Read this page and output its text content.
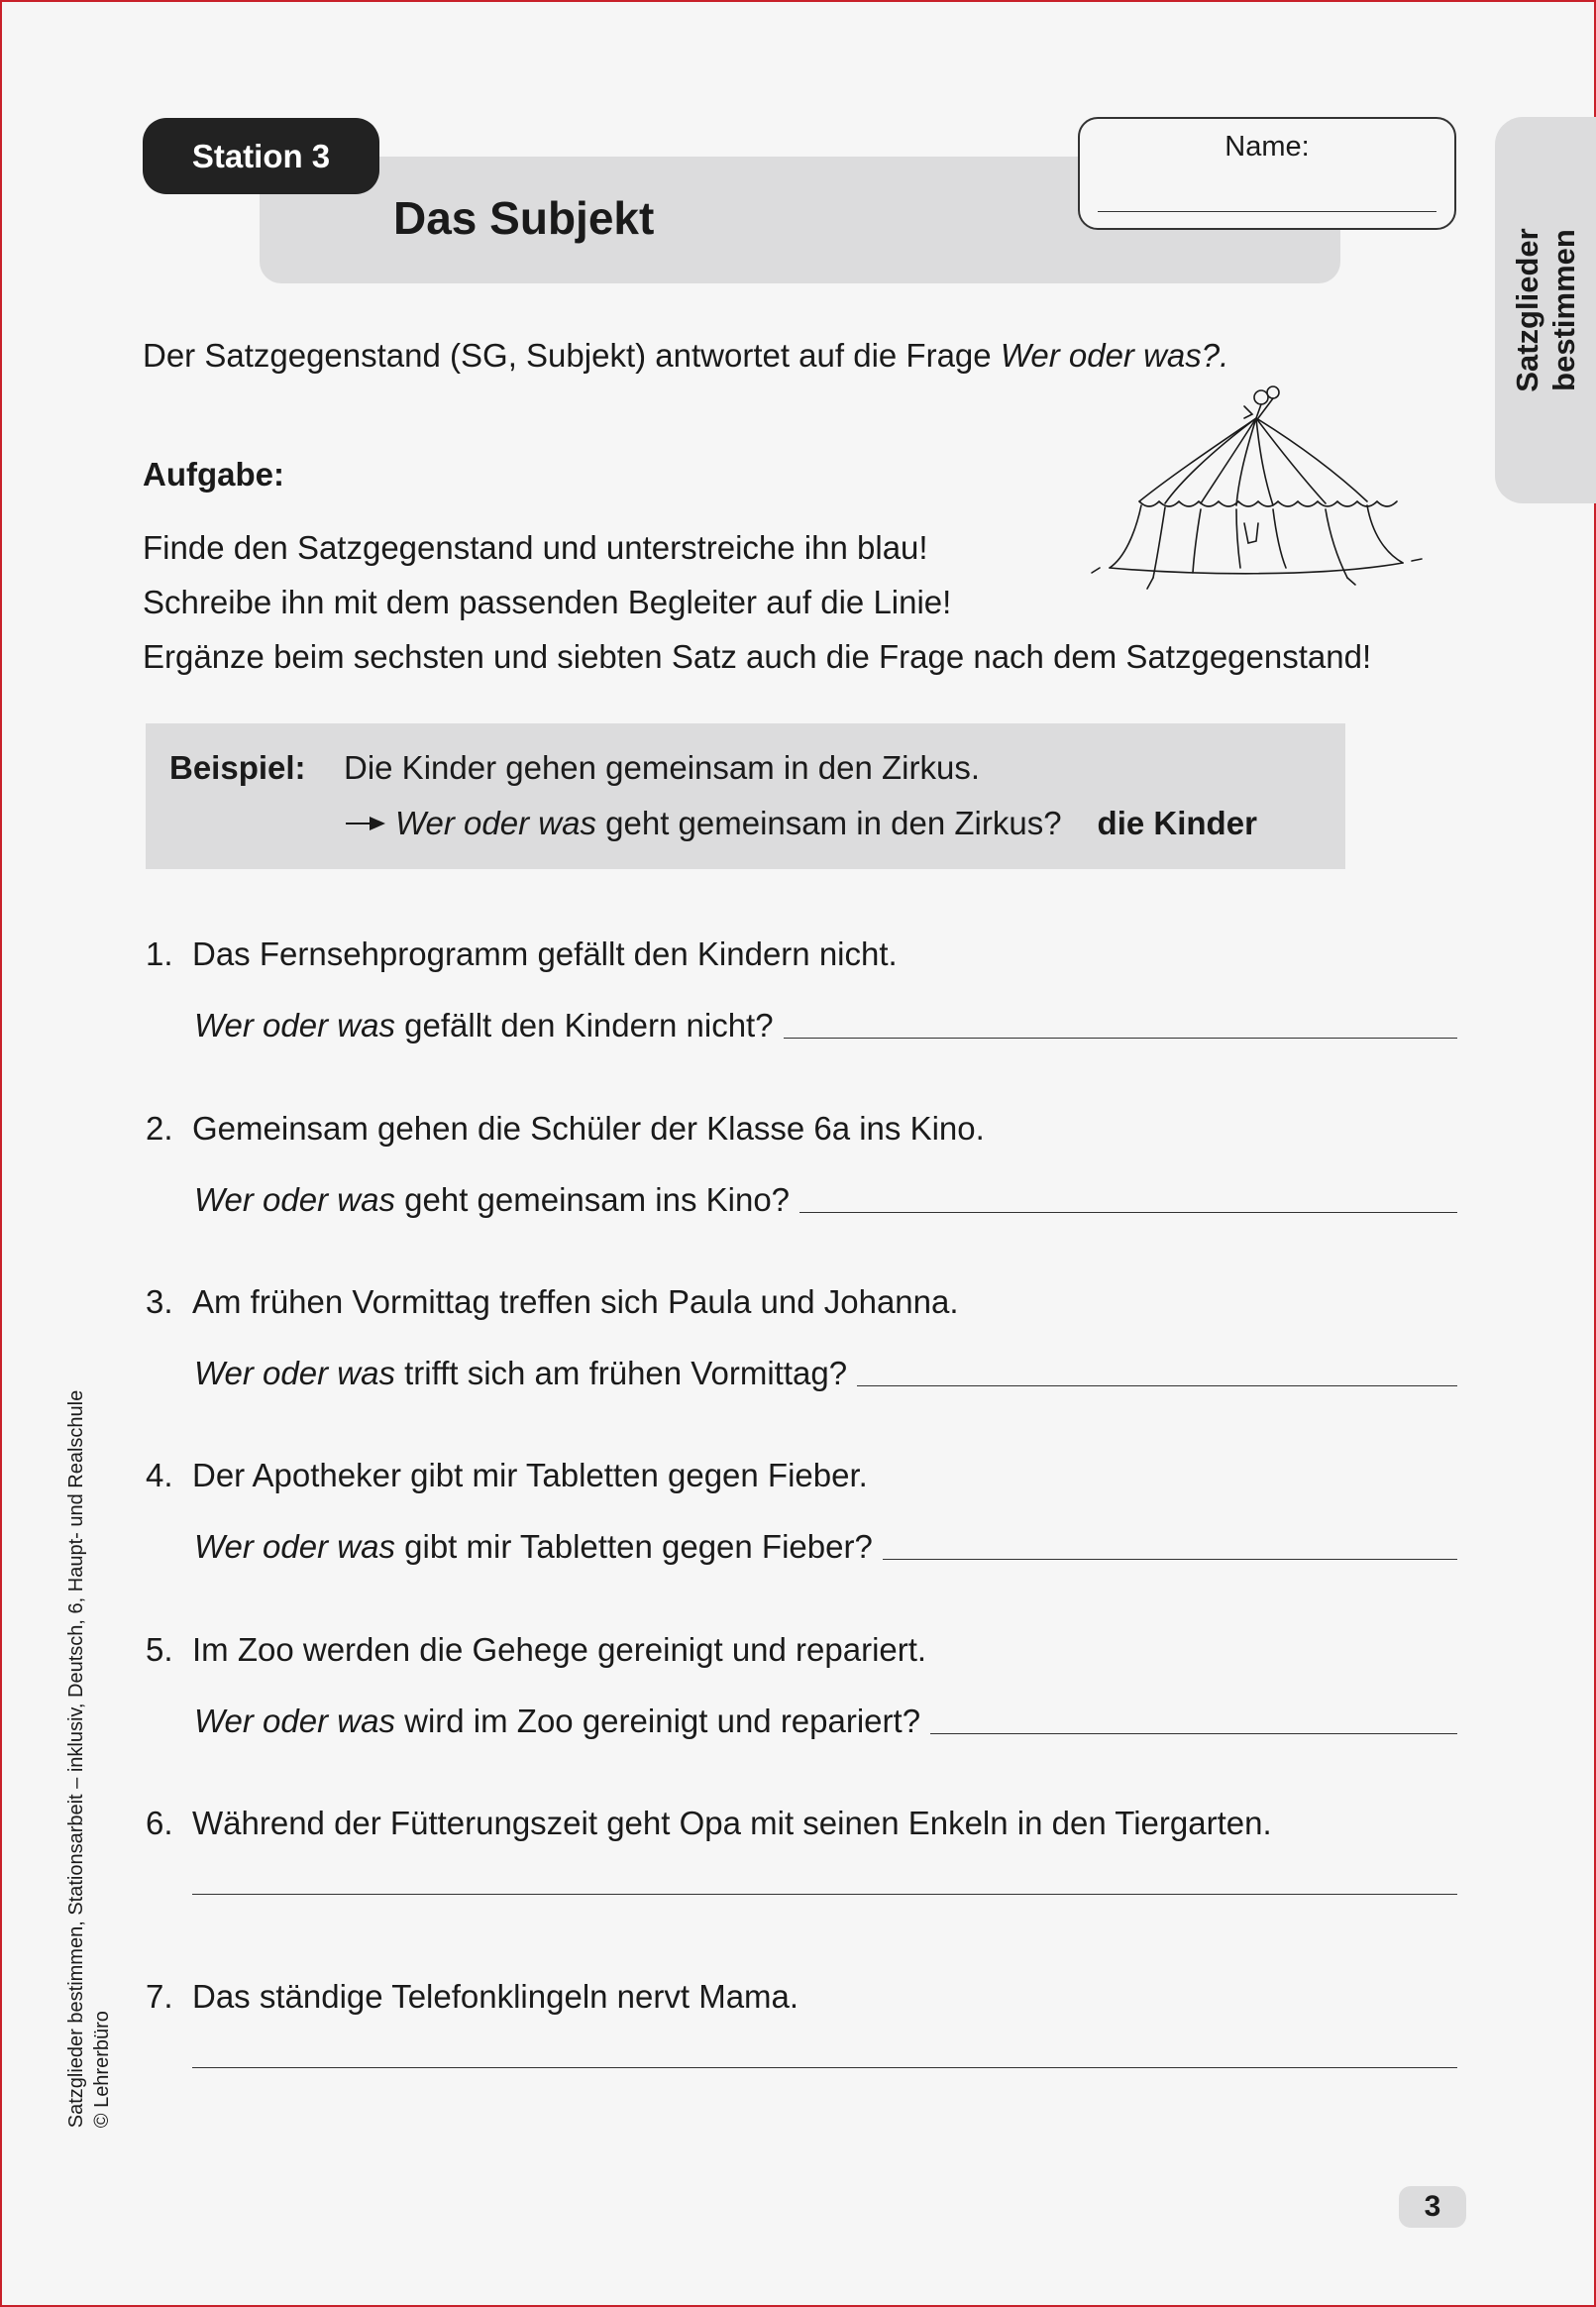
Station 3
Das Subjekt
Name:
Satzglieder bestimmen
Der Satzgegenstand (SG, Subjekt) antwortet auf die Frage Wer oder was?.
Aufgabe:
Finde den Satzgegenstand und unterstreiche ihn blau!
Schreibe ihn mit dem passenden Begleiter auf die Linie!
Ergänze beim sechsten und siebten Satz auch die Frage nach dem Satzgegenstand!
Beispiel: Die Kinder gehen gemeinsam in den Zirkus.
Wer oder was geht gemeinsam in den Zirkus? die Kinder
1. Das Fernsehprogramm gefällt den Kindern nicht.
Wer oder was gefällt den Kindern nicht?
2. Gemeinsam gehen die Schüler der Klasse 6a ins Kino.
Wer oder was geht gemeinsam ins Kino?
3. Am frühen Vormittag treffen sich Paula und Johanna.
Wer oder was trifft sich am frühen Vormittag?
4. Der Apotheker gibt mir Tabletten gegen Fieber.
Wer oder was gibt mir Tabletten gegen Fieber?
5. Im Zoo werden die Gehege gereinigt und repariert.
Wer oder was wird im Zoo gereinigt und repariert?
6. Während der Fütterungszeit geht Opa mit seinen Enkeln in den Tiergarten.
7. Das ständige Telefonklingeln nervt Mama.
Satzglieder bestimmen, Stationsarbeit – inklusiv, Deutsch, 6, Haupt- und Realschule © Lehrerbüro
3
